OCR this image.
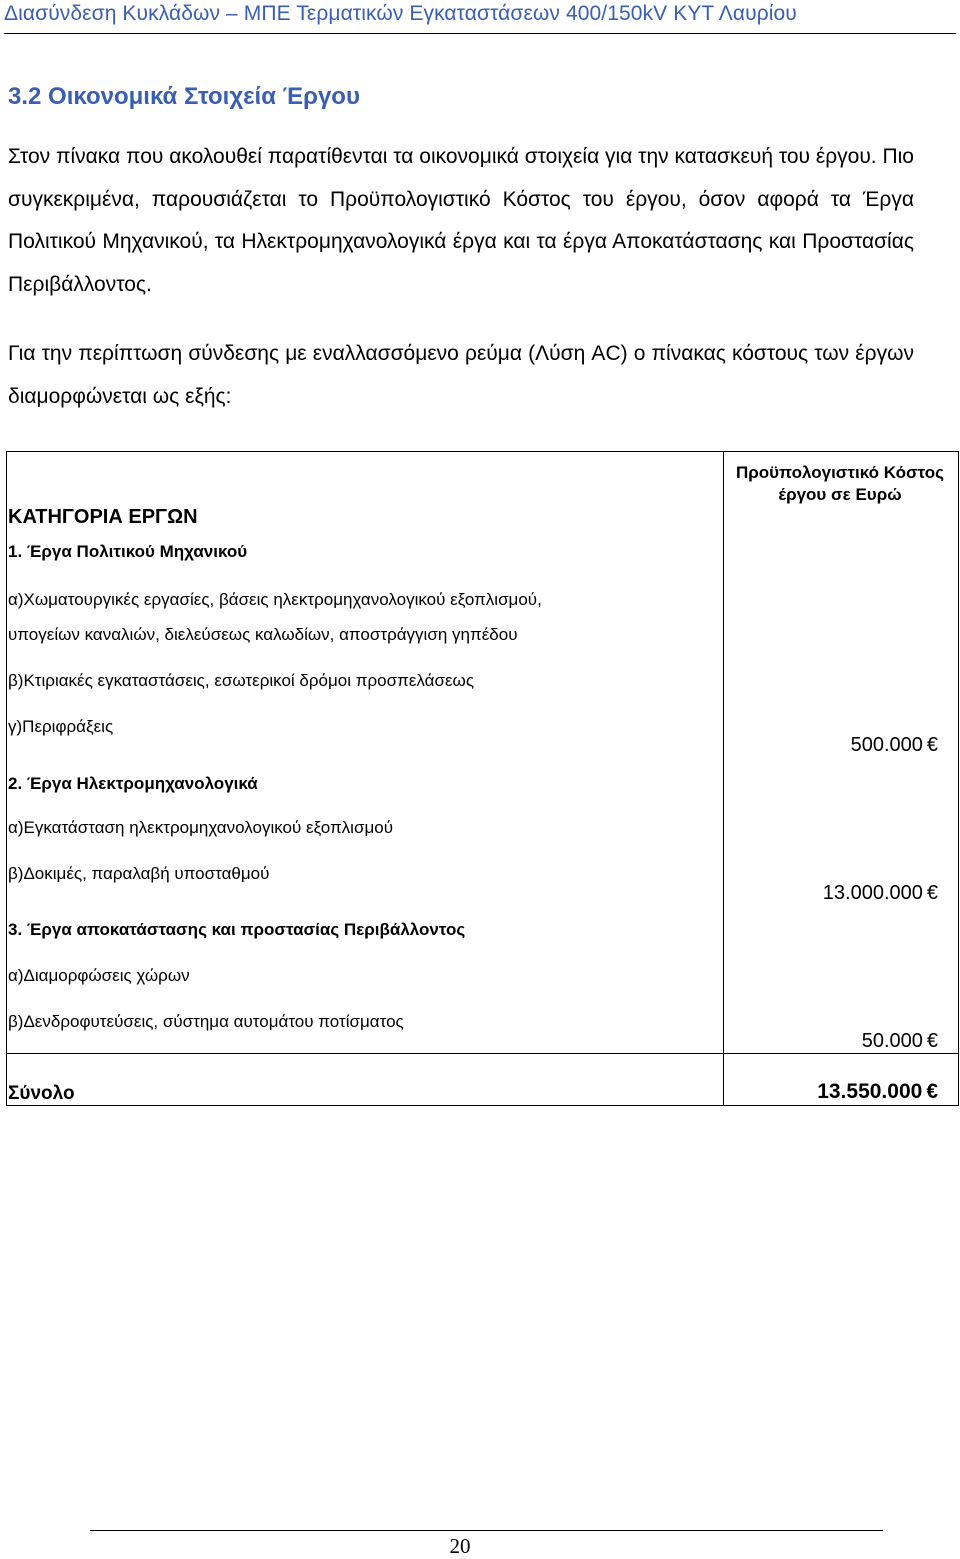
Διασύνδεση Κυκλάδων – ΜΠΕ Τερματικών Εγκαταστάσεων 400/150kV ΚΥΤ Λαυρίου
3.2 Οικονομικά Στοιχεία Έργου
Στον πίνακα που ακολουθεί παρατίθενται τα οικονομικά στοιχεία για την κατασκευή του έργου. Πιο συγκεκριμένα, παρουσιάζεται το Προϋπολογιστικό Κόστος του έργου, όσον αφορά τα Έργα Πολιτικού Μηχανικού, τα Ηλεκτρομηχανολογικά έργα και τα έργα Αποκατάστασης και Προστασίας Περιβάλλοντος.
Για την περίπτωση σύνδεσης με εναλλασσόμενο ρεύμα (Λύση AC) ο πίνακας κόστους των έργων διαμορφώνεται ως εξής:
ΚΑΤΗΓΟΡΙΑ ΕΡΓΩΝ
Προϋπολογιστικό Κόστος έργου σε Ευρώ
1. Έργα Πολιτικού Μηχανικού
α)Χωματουργικές εργασίες, βάσεις ηλεκτρομηχανολογικού εξοπλισμού,
υπογείων καναλιών, διελεύσεως καλωδίων, αποστράγγιση γηπέδου
β)Κτιριακές εγκαταστάσεις, εσωτερικοί δρόμοι προσπελάσεως
γ)Περιφράξεις
500.000 €
2. Έργα Ηλεκτρομηχανολογικά
α)Εγκατάσταση ηλεκτρομηχανολογικού εξοπλισμού
β)Δοκιμές, παραλαβή υποσταθμού
13.000.000 €
3. Έργα αποκατάστασης και προστασίας Περιβάλλοντος
α)Διαμορφώσεις χώρων
β)Δενδροφυτεύσεις, σύστημα αυτομάτου ποτίσματος
50.000 €
Σύνολο	13.550.000 €
20
